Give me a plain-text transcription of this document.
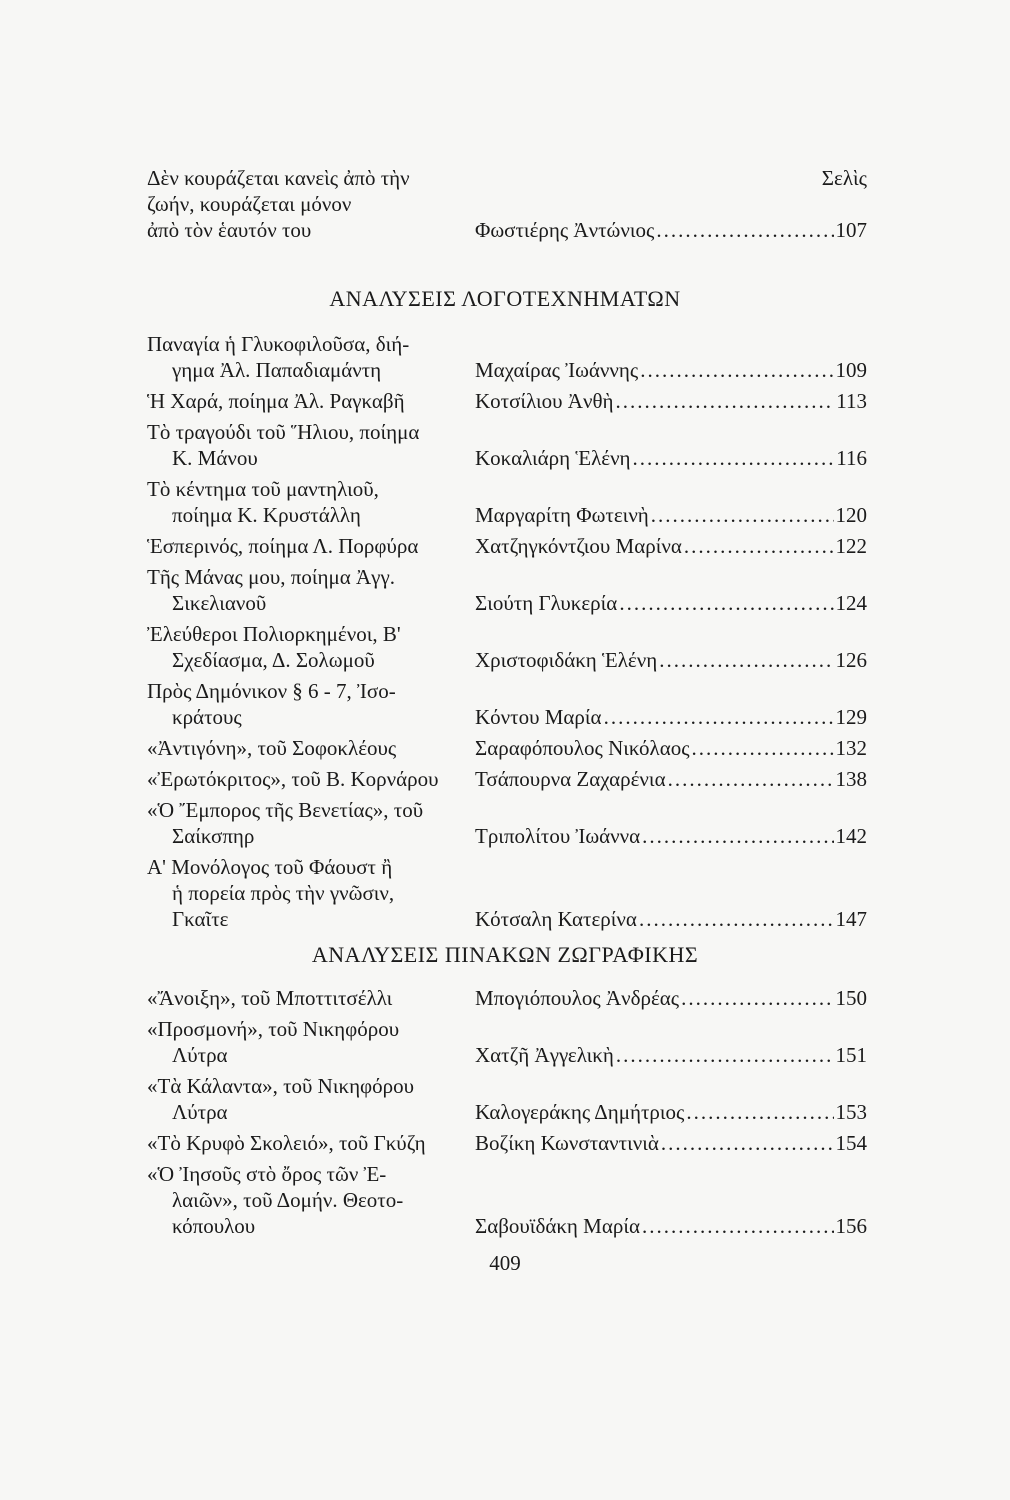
Σελὶς
Δὲν κουράζεται κανεὶς ἀπὸ τὴν
ζωήν, κουράζεται μόνον
ἀπὸ τὸν ἑαυτόν του	Φωστιέρης Ἀντώνιος .....	107
ΑΝΑΛΥΣΕΙΣ ΛΟΓΟΤΕΧΝΗΜΑΤΩΝ
Παναγία ἡ Γλυκοφιλοῦσα, διή-
γημα Ἀλ. Παπαδιαμάντη	Μαχαίρας Ἰωάννης .....	109
Ἡ Χαρά, ποίημα Ἀλ. Ραγκαβῆ	Κοτσίλιου Ἀνθὴ .....	113
Τὸ τραγούδι τοῦ Ἥλιου, ποίημα
Κ. Μάνου	Κοκαλιάρη Ἑλένη .....	116
Τὸ κέντημα τοῦ μαντηλιοῦ,
ποίημα Κ. Κρυστάλλη	Μαργαρίτη Φωτεινὴ .....	120
Ἑσπερινός, ποίημα Λ. Πορφύρα	Χατζηγκόντζιου Μαρίνα .....	122
Τῆς Μάνας μου, ποίημα Ἀγγ.
Σικελιανοῦ	Σιούτη Γλυκερία .....	124
Ἐλεύθεροι Πολιορκημένοι, Β'
Σχεδίασμα, Δ. Σολωμοῦ	Χριστοφιδάκη Ἑλένη .....	126
Πρὸς Δημόνικον § 6 - 7, Ἰσο-
κράτους	Κόντου Μαρία .....	129
«Ἀντιγόνη», τοῦ Σοφοκλέους	Σαραφόπουλος Νικόλαος .....	132
«Ἐρωτόκριτος», τοῦ Β. Κορνάρου	Τσάπουρνα Ζαχαρένια .....	138
«Ὁ Ἔμπορος τῆς Βενετίας», τοῦ
Σαίκσπηρ	Τριπολίτου Ἰωάννα .....	142
Α' Μονόλογος τοῦ Φάουστ ἢ
ἡ πορεία πρὸς τὴν γνῶσιν,
Γκαῖτε	Κότσαλη Κατερίνα .....	147
ΑΝΑΛΥΣΕΙΣ ΠΙΝΑΚΩΝ ΖΩΓΡΑΦΙΚΗΣ
«Ἄνοιξη», τοῦ Μποττιτσέλλι	Μπογιόπουλος Ἀνδρέας .....	150
«Προσμονή», τοῦ Νικηφόρου
Λύτρα	Χατζῆ Ἀγγελικὴ .....	151
«Τὰ Κάλαντα», τοῦ Νικηφόρου
Λύτρα	Καλογεράκης Δημήτριος .....	153
«Τὸ Κρυφὸ Σκολειό», τοῦ Γκύζη	Βοζίκη Κωνσταντινιὰ .....	154
«Ὁ Ἰησοῦς στὸ ὄρος τῶν Ἐ-
λαιῶν», τοῦ Δομήν. Θεοτο-
κόπουλου	Σαβουϊδάκη Μαρία .....	156
409
